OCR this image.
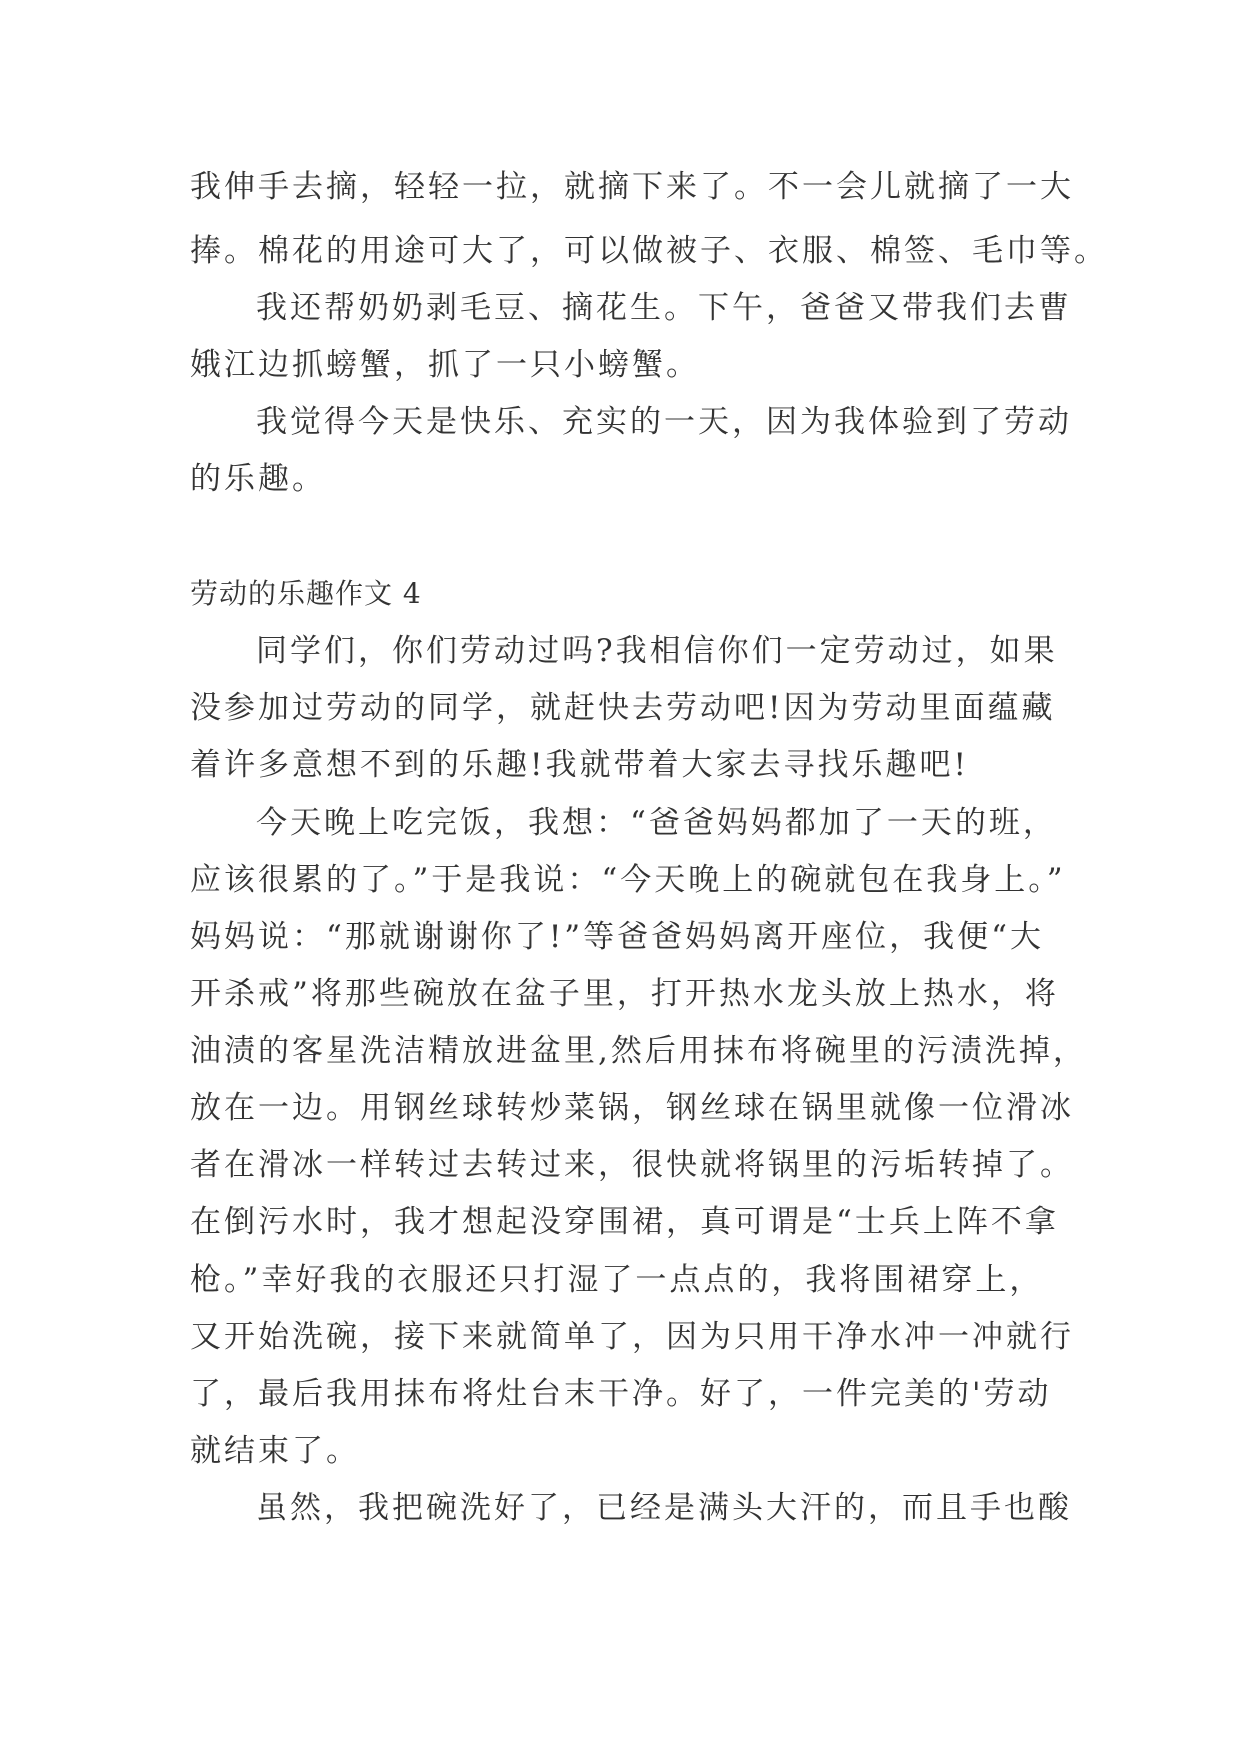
我伸手去摘，轻轻一拉，就摘下来了。不一会儿就摘了一大
捧。棉花的用途可大了，可以做被子、衣服、棉签、毛巾等。
我还帮奶奶剥毛豆、摘花生。下午，爸爸又带我们去曹
娥江边抓螃蟹，抓了一只小螃蟹。
我觉得今天是快乐、充实的一天，因为我体验到了劳动
的乐趣。
劳动的乐趣作文 4
同学们，你们劳动过吗?我相信你们一定劳动过，如果
没参加过劳动的同学，就赶快去劳动吧!因为劳动里面蕴藏
着许多意想不到的乐趣!我就带着大家去寻找乐趣吧!
今天晚上吃完饭，我想：“爸爸妈妈都加了一天的班，
应该很累的了。”于是我说：“今天晚上的碗就包在我身上。”
妈妈说：“那就谢谢你了!”等爸爸妈妈离开座位，我便“大
开杀戒”将那些碗放在盆子里，打开热水龙头放上热水，将
油渍的客星洗洁精放进盆里,然后用抹布将碗里的污渍洗掉，
放在一边。用钢丝球转炒菜锅，钢丝球在锅里就像一位滑冰
者在滑冰一样转过去转过来，很快就将锅里的污垢转掉了。
在倒污水时，我才想起没穿围裙，真可谓是“士兵上阵不拿
枪。”幸好我的衣服还只打湿了一点点的，我将围裙穿上，
又开始洗碗，接下来就简单了，因为只用干净水冲一冲就行
了，最后我用抹布将灶台末干净。好了，一件完美的'劳动
就结束了。
虽然，我把碗洗好了，已经是满头大汗的，而且手也酸
